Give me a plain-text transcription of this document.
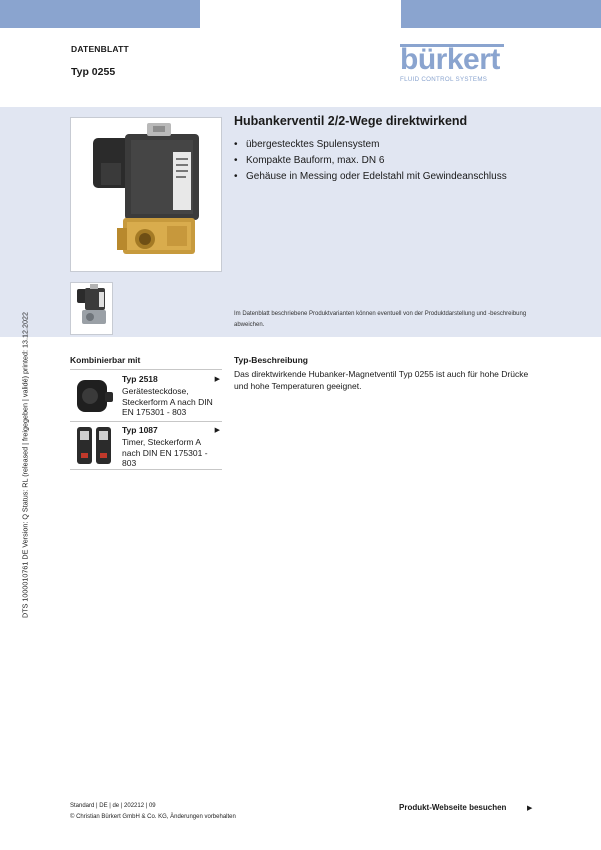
DATENBLATT
Typ 0255	bürkert
FLUID CONTROL SYSTEMS
Hubankerventil 2/2-Wege direktwirkend
• übergestecktes Spulensystem
• Kompakte Bauform, max. DN 6
• Gehäuse in Messing oder Edelstahl mit Gewindeanschluss
Im Datenblatt beschriebene Produktvarianten können eventuell von der Produktdarstellung und -beschreibung abweichen.
DTS 1000010761 DE Version: Q Status: RL (released | freigegeben | validé) printed: 13.12.2022	Kombinierbar mit
Typ 2518	▶
Gerätesteckdose, Steckerform A nach DIN EN 175301 - 803
Typ 1087	▶
Timer, Steckerform A nach DIN EN 175301 - 803
Typ-Beschreibung
Das direktwirkende Hubanker-Magnetventil Typ 0255 ist auch für hohe Drücke und hohe Temperaturen geeignet.
Standard | DE | de | 202212 | 09
© Christian Bürkert GmbH & Co. KG, Änderungen vorbehalten
Produkt-Webseite besuchen	▶
